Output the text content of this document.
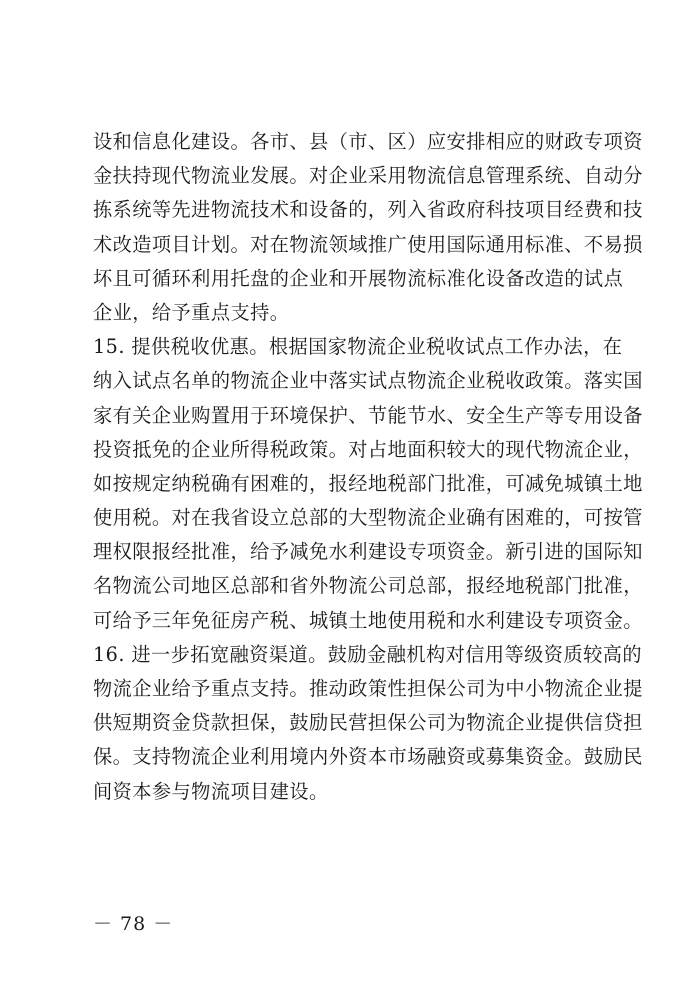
设和信息化建设。各市、县（市、区）应安排相应的财政专项资
金扶持现代物流业发展。对企业采用物流信息管理系统、自动分
拣系统等先进物流技术和设备的，列入省政府科技项目经费和技
术改造项目计划。对在物流领域推广使用国际通用标准、不易损
坏且可循环利用托盘的企业和开展物流标准化设备改造的试点
企业，给予重点支持。
15. 提供税收优惠。根据国家物流企业税收试点工作办法，在
纳入试点名单的物流企业中落实试点物流企业税收政策。落实国
家有关企业购置用于环境保护、节能节水、安全生产等专用设备
投资抵免的企业所得税政策。对占地面积较大的现代物流企业，
如按规定纳税确有困难的，报经地税部门批准，可减免城镇土地
使用税。对在我省设立总部的大型物流企业确有困难的，可按管
理权限报经批准，给予减免水利建设专项资金。新引进的国际知
名物流公司地区总部和省外物流公司总部，报经地税部门批准，
可给予三年免征房产税、城镇土地使用税和水利建设专项资金。
16. 进一步拓宽融资渠道。鼓励金融机构对信用等级资质较高的
物流企业给予重点支持。推动政策性担保公司为中小物流企业提
供短期资金贷款担保，鼓励民营担保公司为物流企业提供信贷担
保。支持物流企业利用境内外资本市场融资或募集资金。鼓励民
间资本参与物流项目建设。
－ 78 －
